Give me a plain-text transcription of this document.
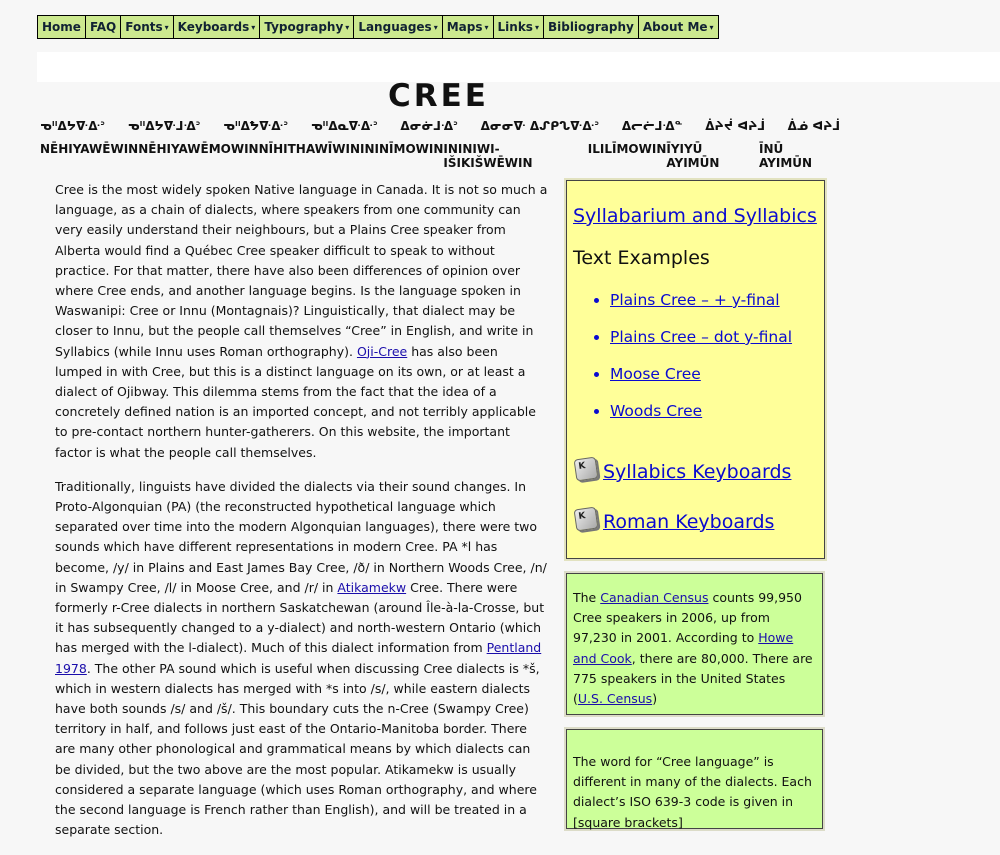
Home FAQ Fonts ▾ Keyboards ▾ Typography ▾ Languages ▾ Maps ▾ Links ▾ Bibliography About Me ▾
CREE
ᓀᐦᐃᔭᐍᐏᐣ ᓀᐦᐃᔭᐍᒧᐎᐣ ᓀᐦᐃᖬᐍᐏᐣ ᓀᐦᐃᓇᐍᐏᐣ ᐃᓂᓃᒧᐎᐣ ᐃᓂᓂᐍ ᐃᔑᑭᔐᐍᐏᐣ ᐃᓕᓖᒧᐎᓐ ᐄᔨᔫ ᐊᔨᒨ ᐄᓅ ᐊᔨᒨ
NĒHIYAWĒWIN NĒHIYAWĒMOWIN NĪHITHAWĪWIN ININĪMOWIN ININIWI-IŠIKIŠWĒWIN
ILILĪMOWIN ĪYIYŪ AYIMŪN
ĪNŪ AYIMŪN

Cree is the most widely spoken Native language in Canada. It is not so much a language, as a chain of dialects, where speakers from one community can very easily understand their neighbours, but a Plains Cree speaker from Alberta would find a Québec Cree speaker difficult to speak to without practice. For that matter, there have also been differences of opinion over where Cree ends, and another language begins. Is the language spoken in Waswanipi: Cree or Innu (Montagnais)? Linguistically, that dialect may be closer to Innu, but the people call themselves “Cree” in English, and write in Syllabics (while Innu uses Roman orthography). Oji-Cree has also been lumped in with Cree, but this is a distinct language on its own, or at least a dialect of Ojibway. This dilemma stems from the fact that the idea of a concretely defined nation is an imported concept, and not terribly applicable to pre-contact northern hunter-gatherers. On this website, the important factor is what the people call themselves.

Traditionally, linguists have divided the dialects via their sound changes. In Proto-Algonquian (PA) (the reconstructed hypothetical language which separated over time into the modern Algonquian languages), there were two sounds which have different representations in modern Cree. PA *l has become, /y/ in Plains and East James Bay Cree, /ð/ in Northern Woods Cree, /n/ in Swampy Cree, /l/ in Moose Cree, and /r/ in Atikamekw Cree. There were formerly r-Cree dialects in northern Saskatchewan (around Île-à-la-Crosse, but it has subsequently changed to a y-dialect) and north-western Ontario (which has merged with the l-dialect). Much of this dialect information from Pentland 1978. The other PA sound which is useful when discussing Cree dialects is *š, which in western dialects has merged with *s into /s/, while eastern dialects have both sounds /s/ and /š/. This boundary cuts the n-Cree (Swampy Cree) territory in half, and follows just east of the Ontario-Manitoba border. There are many other phonological and grammatical means by which dialects can be divided, but the two above are the most popular. Atikamekw is usually considered a separate language (which uses Roman orthography, and where the second language is French rather than English), and will be treated in a separate section.

Syllabarium and Syllabics
Text Examples
• Plains Cree – + y-final
• Plains Cree – dot y-final
• Moose Cree
• Woods Cree
K Syllabics Keyboards
K Roman Keyboards
The Canadian Census counts 99,950 Cree speakers in 2006, up from 97,230 in 2001. According to Howe and Cook, there are 80,000. There are 775 speakers in the United States (U.S. Census)
The word for “Cree language” is different in many of the dialects. Each dialect’s ISO 639-3 code is given in [square brackets]
